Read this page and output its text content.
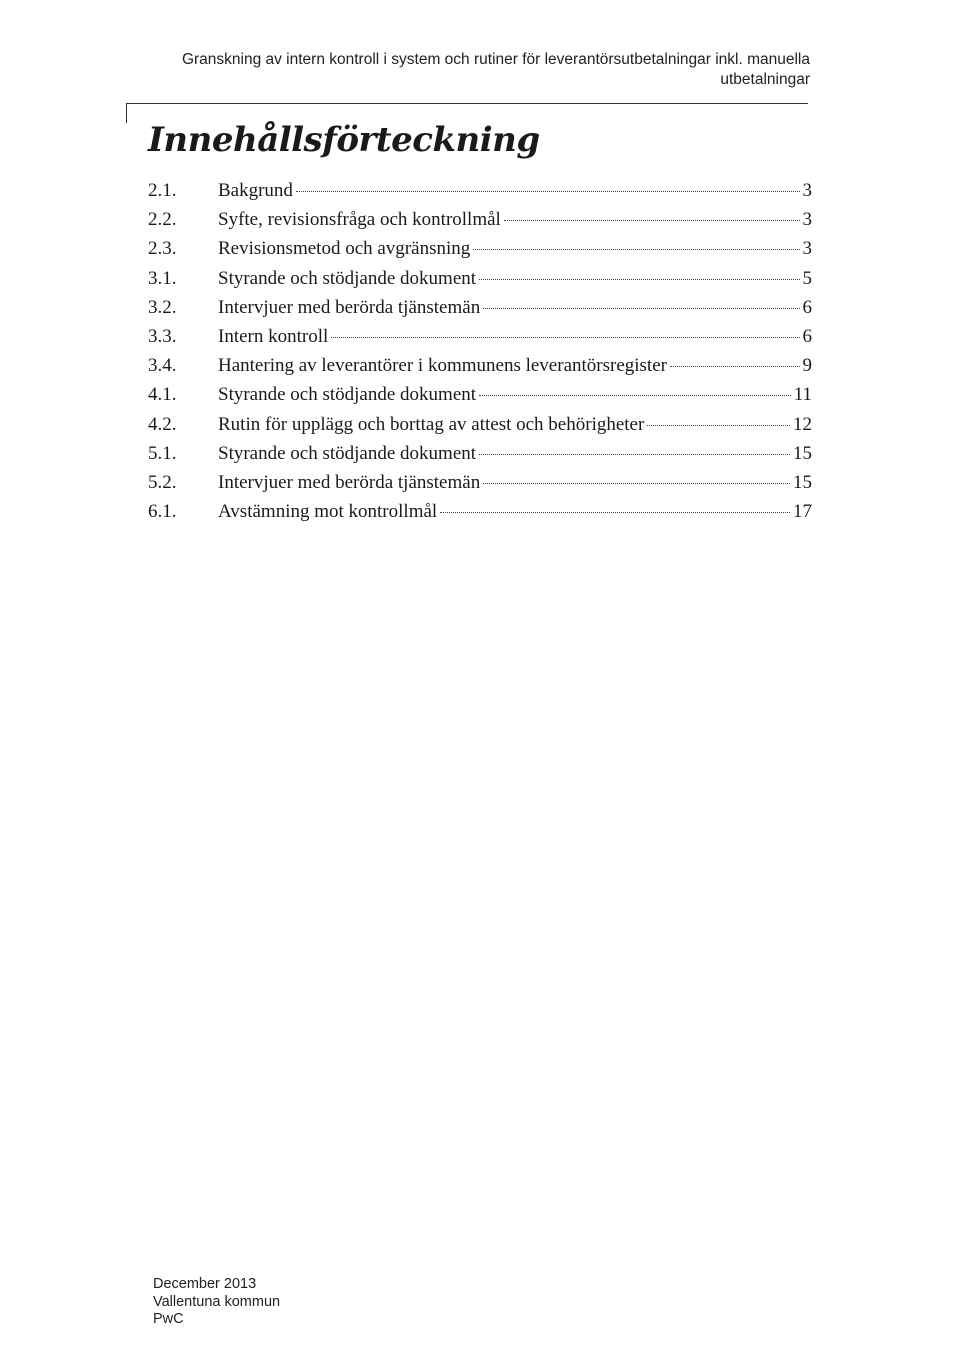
Granskning av intern kontroll i system och rutiner för leverantörsutbetalningar inkl. manuella
utbetalningar
Innehållsförteckning
2.1.	Bakgrund	3
2.2.	Syfte, revisionsfråga och kontrollmål	3
2.3.	Revisionsmetod och avgränsning	3
3.1.	Styrande och stödjande dokument	5
3.2.	Intervjuer med berörda tjänstemän	6
3.3.	Intern kontroll	6
3.4.	Hantering av leverantörer i kommunens leverantörsregister	9
4.1.	Styrande och stödjande dokument	11
4.2.	Rutin för upplägg och borttag av attest och behörigheter	12
5.1.	Styrande och stödjande dokument	15
5.2.	Intervjuer med berörda tjänstemän	15
6.1.	Avstämning mot kontrollmål	17
December 2013
Vallentuna kommun
PwC
